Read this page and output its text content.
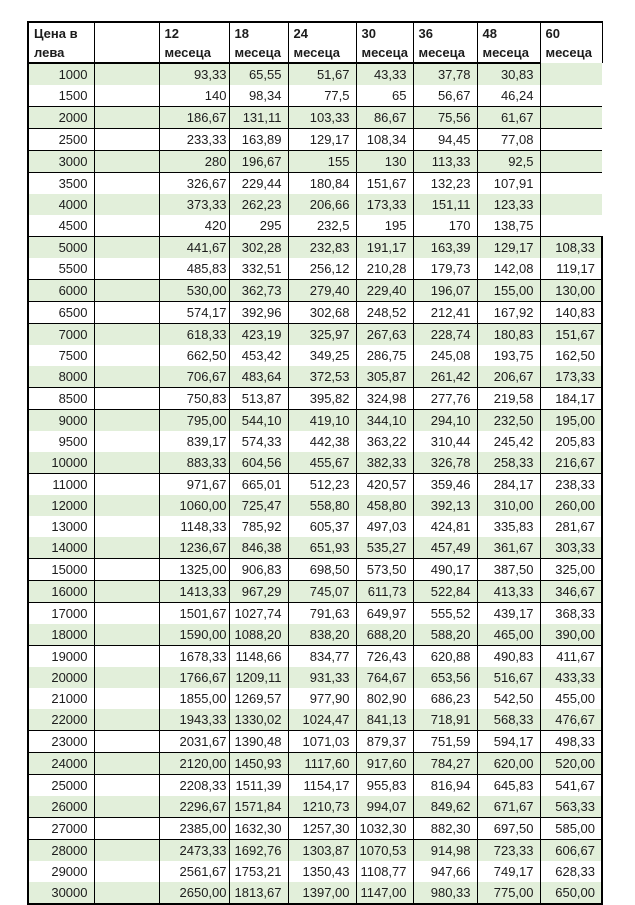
Цена в лева		12 месеца	18 месеца	24 месеца	30 месеца	36 месеца	48 месеца	60 месеца
1000		93,33	65,55	51,67	43,33	37,78	30,83	
1500		140	98,34	77,5	65	56,67	46,24	
2000		186,67	131,11	103,33	86,67	75,56	61,67	
2500		233,33	163,89	129,17	108,34	94,45	77,08	
3000		280	196,67	155	130	113,33	92,5	
3500		326,67	229,44	180,84	151,67	132,23	107,91	
4000		373,33	262,23	206,66	173,33	151,11	123,33	
4500		420	295	232,5	195	170	138,75	
5000		441,67	302,28	232,83	191,17	163,39	129,17	108,33
5500		485,83	332,51	256,12	210,28	179,73	142,08	119,17
6000		530,00	362,73	279,40	229,40	196,07	155,00	130,00
6500		574,17	392,96	302,68	248,52	212,41	167,92	140,83
7000		618,33	423,19	325,97	267,63	228,74	180,83	151,67
7500		662,50	453,42	349,25	286,75	245,08	193,75	162,50
8000		706,67	483,64	372,53	305,87	261,42	206,67	173,33
8500		750,83	513,87	395,82	324,98	277,76	219,58	184,17
9000		795,00	544,10	419,10	344,10	294,10	232,50	195,00
9500		839,17	574,33	442,38	363,22	310,44	245,42	205,83
10000		883,33	604,56	455,67	382,33	326,78	258,33	216,67
11000		971,67	665,01	512,23	420,57	359,46	284,17	238,33
12000		1060,00	725,47	558,80	458,80	392,13	310,00	260,00
13000		1148,33	785,92	605,37	497,03	424,81	335,83	281,67
14000		1236,67	846,38	651,93	535,27	457,49	361,67	303,33
15000		1325,00	906,83	698,50	573,50	490,17	387,50	325,00
16000		1413,33	967,29	745,07	611,73	522,84	413,33	346,67
17000		1501,67	1027,74	791,63	649,97	555,52	439,17	368,33
18000		1590,00	1088,20	838,20	688,20	588,20	465,00	390,00
19000		1678,33	1148,66	834,77	726,43	620,88	490,83	411,67
20000		1766,67	1209,11	931,33	764,67	653,56	516,67	433,33
21000		1855,00	1269,57	977,90	802,90	686,23	542,50	455,00
22000		1943,33	1330,02	1024,47	841,13	718,91	568,33	476,67
23000		2031,67	1390,48	1071,03	879,37	751,59	594,17	498,33
24000		2120,00	1450,93	1117,60	917,60	784,27	620,00	520,00
25000		2208,33	1511,39	1154,17	955,83	816,94	645,83	541,67
26000		2296,67	1571,84	1210,73	994,07	849,62	671,67	563,33
27000		2385,00	1632,30	1257,30	1032,30	882,30	697,50	585,00
28000		2473,33	1692,76	1303,87	1070,53	914,98	723,33	606,67
29000		2561,67	1753,21	1350,43	1108,77	947,66	749,17	628,33
30000		2650,00	1813,67	1397,00	1147,00	980,33	775,00	650,00
